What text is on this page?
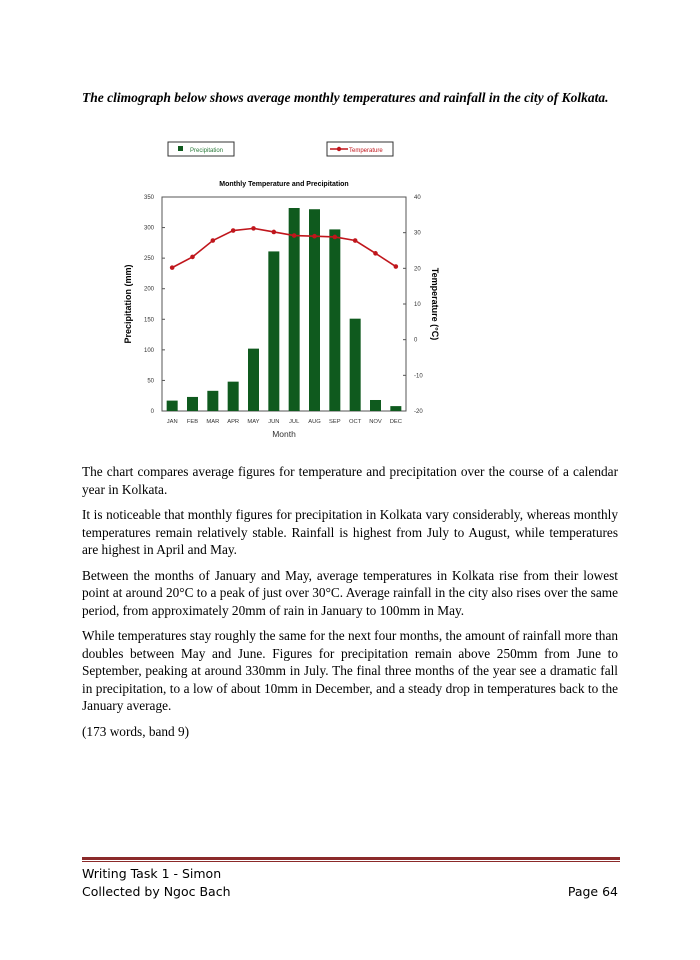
The climograph below shows average monthly temperatures and rainfall in the city of Kolkata.
Precipitation	Temperature
Monthly Temperature and Precipitation
0
50
100
150
200
250
300
350
-20
-10
0
10
20
30
40
Precipitation (mm)	Temperature (°C)
Month
JAN FEB MAR APR MAY JUN JUL AUG SEP OCT NOV DEC

The chart compares average figures for temperature and precipitation over the course of a calendar year in Kolkata.

It is noticeable that monthly figures for precipitation in Kolkata vary considerably, whereas monthly temperatures remain relatively stable. Rainfall is highest from July to August, while temperatures are highest in April and May.

Between the months of January and May, average temperatures in Kolkata rise from their lowest point at around 20°C to a peak of just over 30°C. Average rainfall in the city also rises over the same period, from approximately 20mm of rain in January to 100mm in May.

While temperatures stay roughly the same for the next four months, the amount of rainfall more than doubles between May and June. Figures for precipitation remain above 250mm from June to September, peaking at around 330mm in July. The final three months of the year see a dramatic fall in precipitation, to a low of about 10mm in December, and a steady drop in temperatures back to the January average.

(173 words, band 9)

Writing Task 1 - Simon
Collected by Ngoc Bach	Page 64
